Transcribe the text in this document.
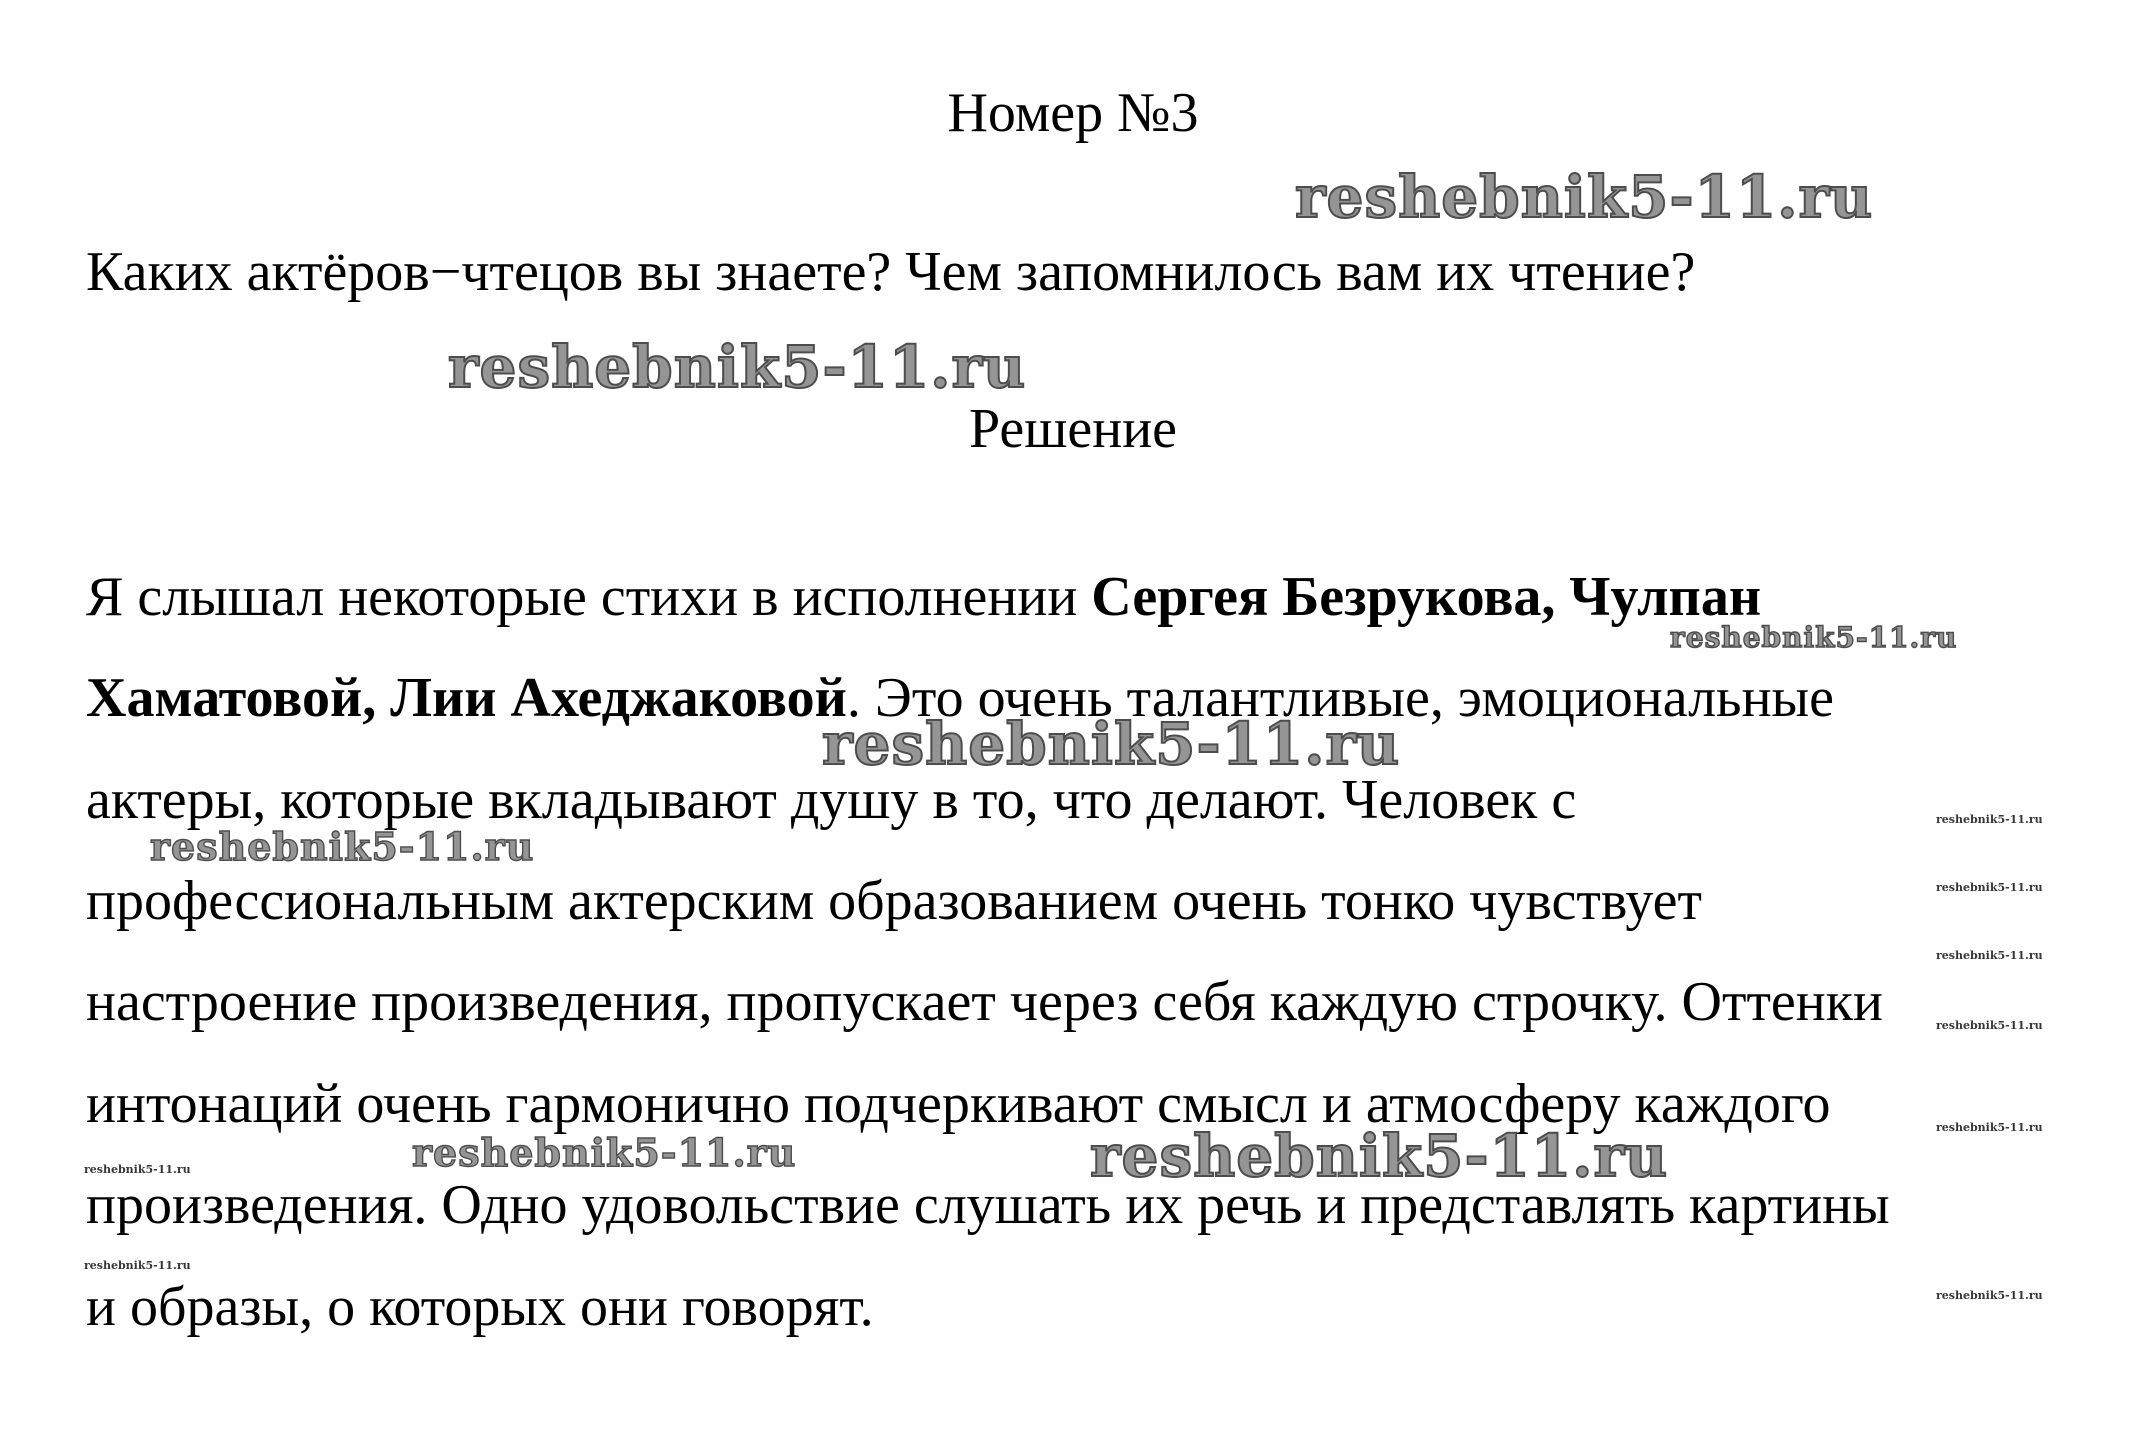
Номер №3
Каких актёров−чтецов вы знаете? Чем запомнилось вам их чтение?
Решение
Я слышал некоторые стихи в исполнении Сергея Безрукова, Чулпан
Хаматовой, Лии Ахеджаковой. Это очень талантливые, эмоциональные
актеры, которые вкладывают душу в то, что делают. Человек с
профессиональным актерским образованием очень тонко чувствует
настроение произведения, пропускает через себя каждую строчку. Оттенки
интонаций очень гармонично подчеркивают смысл и атмосферу каждого
произведения. Одно удовольствие слушать их речь и представлять картины
и образы, о которых они говорят.
reshebnik5-11.ru
reshebnik5-11.ru
reshebnik5-11.ru
reshebnik5-11.ru
reshebnik5-11.ru
reshebnik5-11.ru
reshebnik5-11.ru
reshebnik5-11.ru
reshebnik5-11.ru
reshebnik5-11.ru
reshebnik5-11.ru
reshebnik5-11.ru
reshebnik5-11.ru
reshebnik5-11.ru
reshebnik5-11.ru
